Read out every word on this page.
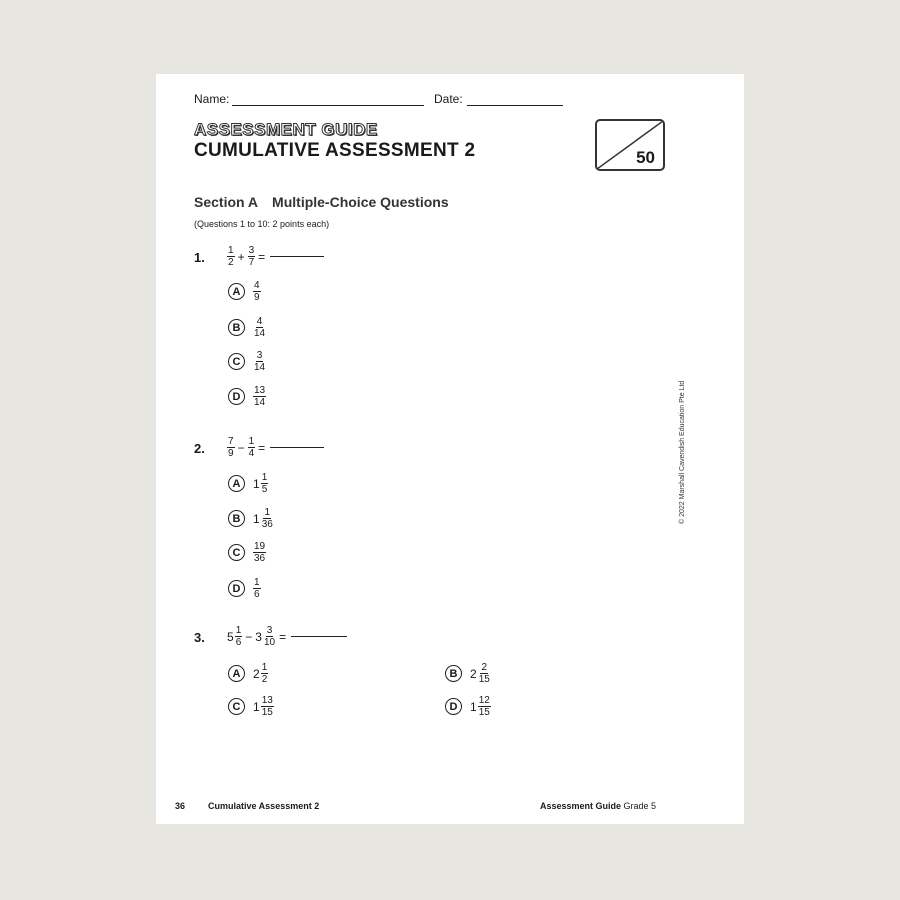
Name:	Date:
ASSESSMENT GUIDE
CUMULATIVE ASSESSMENT 2	50
Section A Multiple-Choice Questions
(Questions 1 to 10: 2 points each)
1. $\frac{1}{2} + \frac{3}{7}$ =
A	$\frac{4}{9}$
B	$\frac{4}{14}$
C	$\frac{3}{14}$
D	$\frac{13}{14}$
2. $\frac{7}{9} - \frac{1}{4}$ =
A	$1 \frac{1}{5}$
B	$1 \frac{1}{36}$
C	$\frac{19}{36}$
D	$\frac{1}{6}$
3. $5 \frac{1}{6} - 3 \frac{3}{10}$ =
A	$2 \frac{1}{2}$	B	$2 \frac{2}{15}$
C	$1 \frac{13}{15}$	D	$1 \frac{12}{15}$
© 2022 Marshall Cavendish Education Pte Ltd
36	Cumulative Assessment 2	Assessment Guide Grade 5
